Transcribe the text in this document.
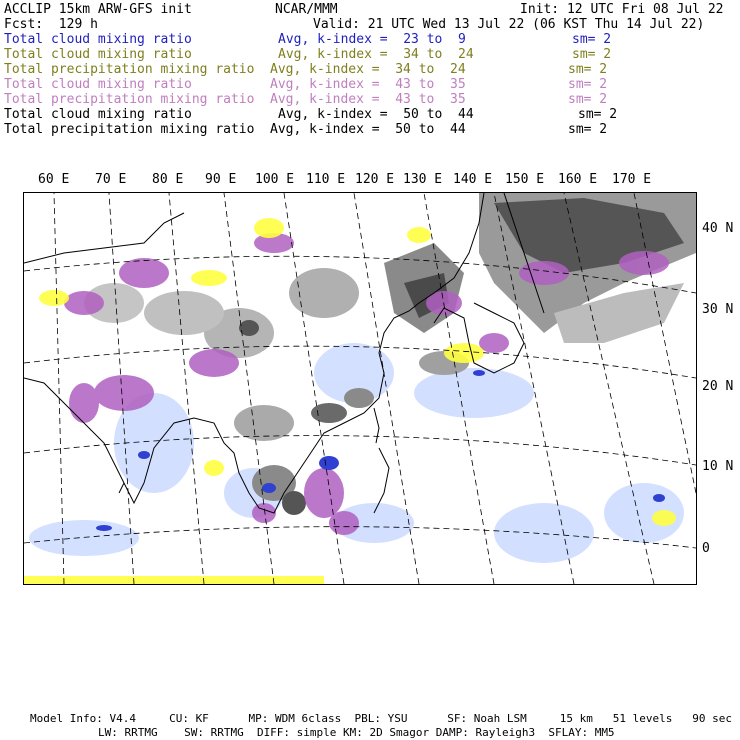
ACCLIP 15km ARW-GFS init	NCAR/MMM	Init: 12 UTC Fri 08 Jul 22
Fcst:  129 h	Valid: 21 UTC Wed 13 Jul 22 (06 KST Thu 14 Jul 22)
Total cloud mixing ratio	Avg, k-index =  23 to  9	sm= 2
Total cloud mixing ratio	Avg, k-index =  34 to  24	sm= 2
Total precipitation mixing ratio Avg, k-index =  34 to  24	sm= 2
Total cloud mixing ratio	Avg, k-index =  43 to  35	sm= 2
Total precipitation mixing ratio Avg, k-index =  43 to  35	sm= 2
Total cloud mixing ratio	Avg, k-index =  50 to  44	sm= 2
Total precipitation mixing ratio Avg, k-index =  50 to  44	sm= 2
60 E 70 E 80 E 90 E 100 E 110 E 120 E 130 E 140 E 150 E 160 E 170 E
40 N
30 N
20 N
10 N
0
Model Info: V4.4     CU: KF      MP: WDM 6class  PBL: YSU      SF: Noah LSM     15 km   51 levels   90 sec
LW: RRTMG    SW: RRTMG  DIFF: simple KM: 2D Smagor DAMP: Rayleigh3  SFLAY: MM5
